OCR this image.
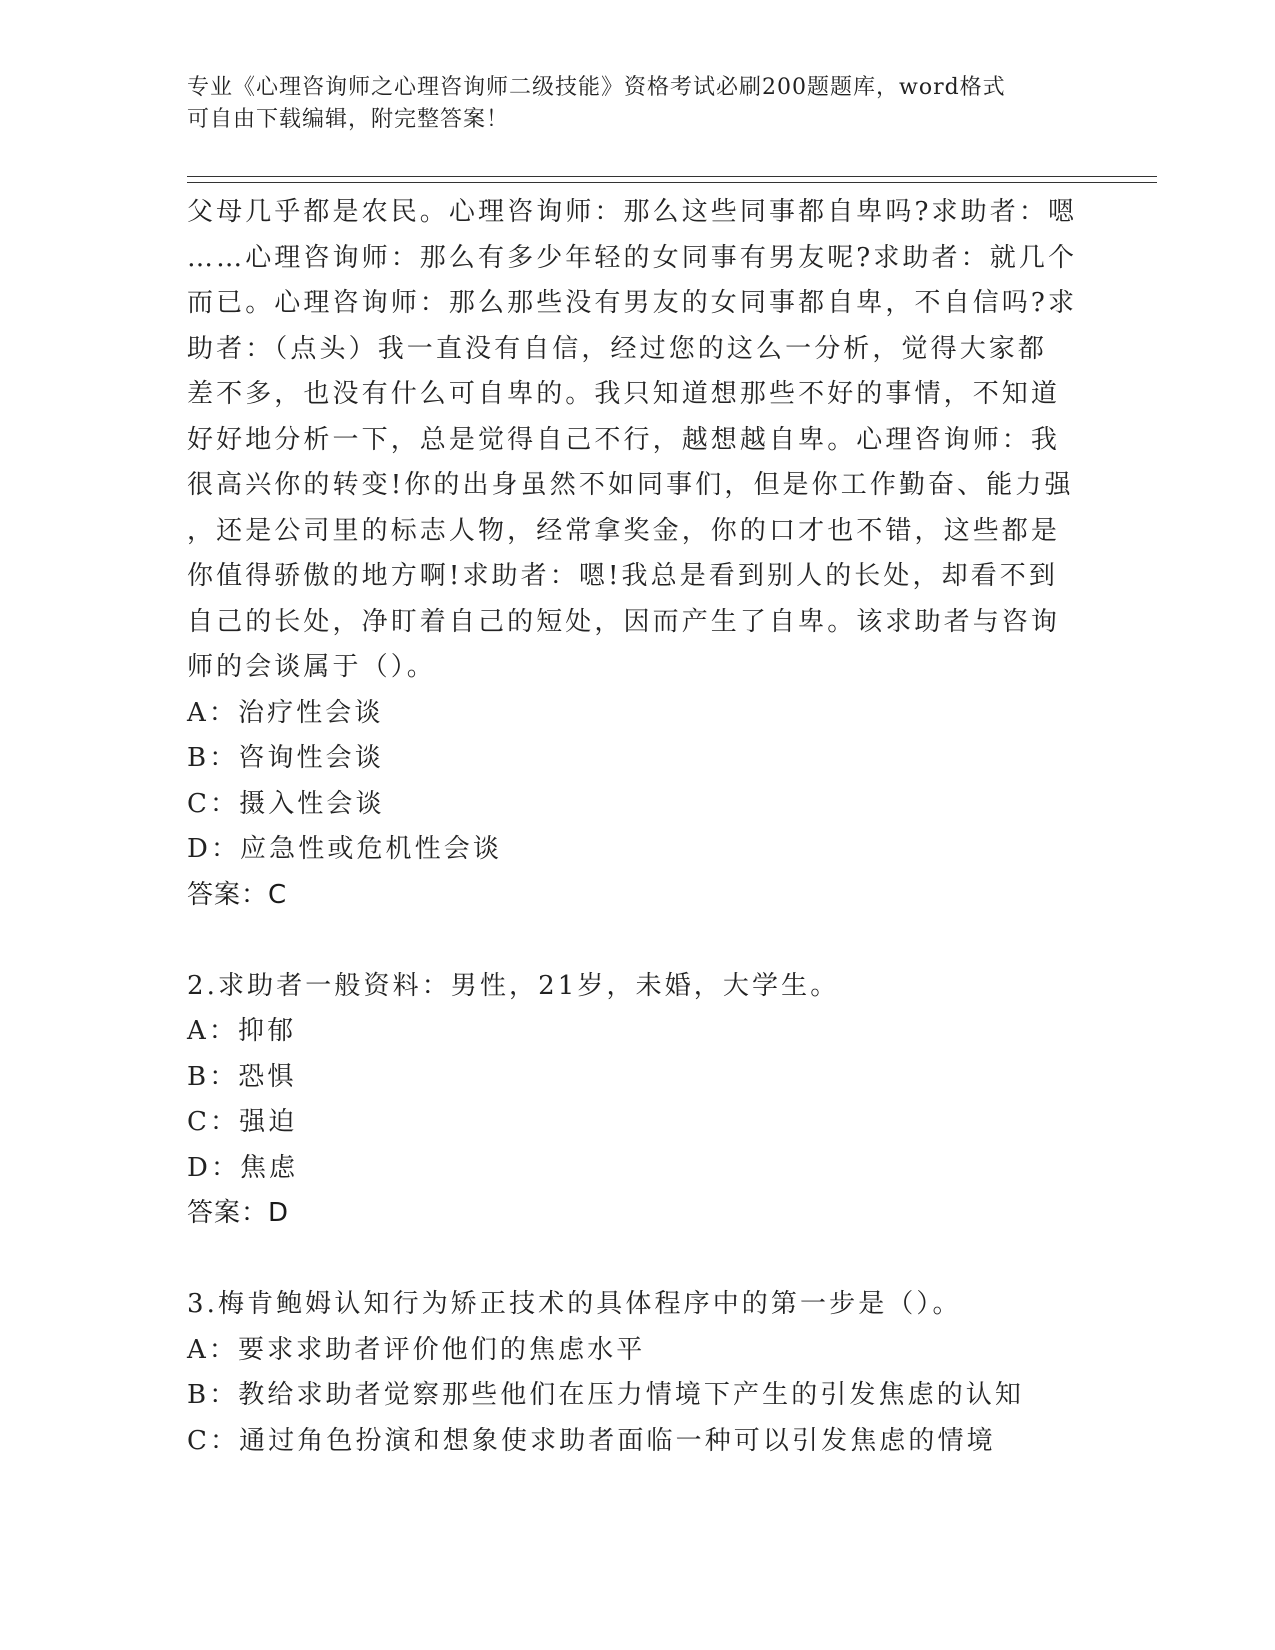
专业《心理咨询师之心理咨询师二级技能》资格考试必刷200题题库，word格式

可自由下载编辑，附完整答案！

父母几乎都是农民。心理咨询师：那么这些同事都自卑吗?求助者：嗯
……心理咨询师：那么有多少年轻的女同事有男友呢?求助者：就几个
而已。心理咨询师：那么那些没有男友的女同事都自卑，不自信吗?求
助者：（点头）我一直没有自信，经过您的这么一分析，觉得大家都
差不多，也没有什么可自卑的。我只知道想那些不好的事情，不知道
好好地分析一下，总是觉得自己不行，越想越自卑。心理咨询师：我
很高兴你的转变!你的出身虽然不如同事们，但是你工作勤奋、能力强
，还是公司里的标志人物，经常拿奖金，你的口才也不错，这些都是
你值得骄傲的地方啊!求助者：嗯!我总是看到别人的长处，却看不到
自己的长处，净盯着自己的短处，因而产生了自卑。该求助者与咨询
师的会谈属于（）。
A：治疗性会谈
B：咨询性会谈
C：摄入性会谈
D：应急性或危机性会谈
答案：C
2.求助者一般资料：男性，21岁，未婚，大学生。
A：抑郁
B：恐惧
C：强迫
D：焦虑
答案：D
3.梅肯鲍姆认知行为矫正技术的具体程序中的第一步是（）。
A：要求求助者评价他们的焦虑水平
B：教给求助者觉察那些他们在压力情境下产生的引发焦虑的认知
C：通过角色扮演和想象使求助者面临一种可以引发焦虑的情境
